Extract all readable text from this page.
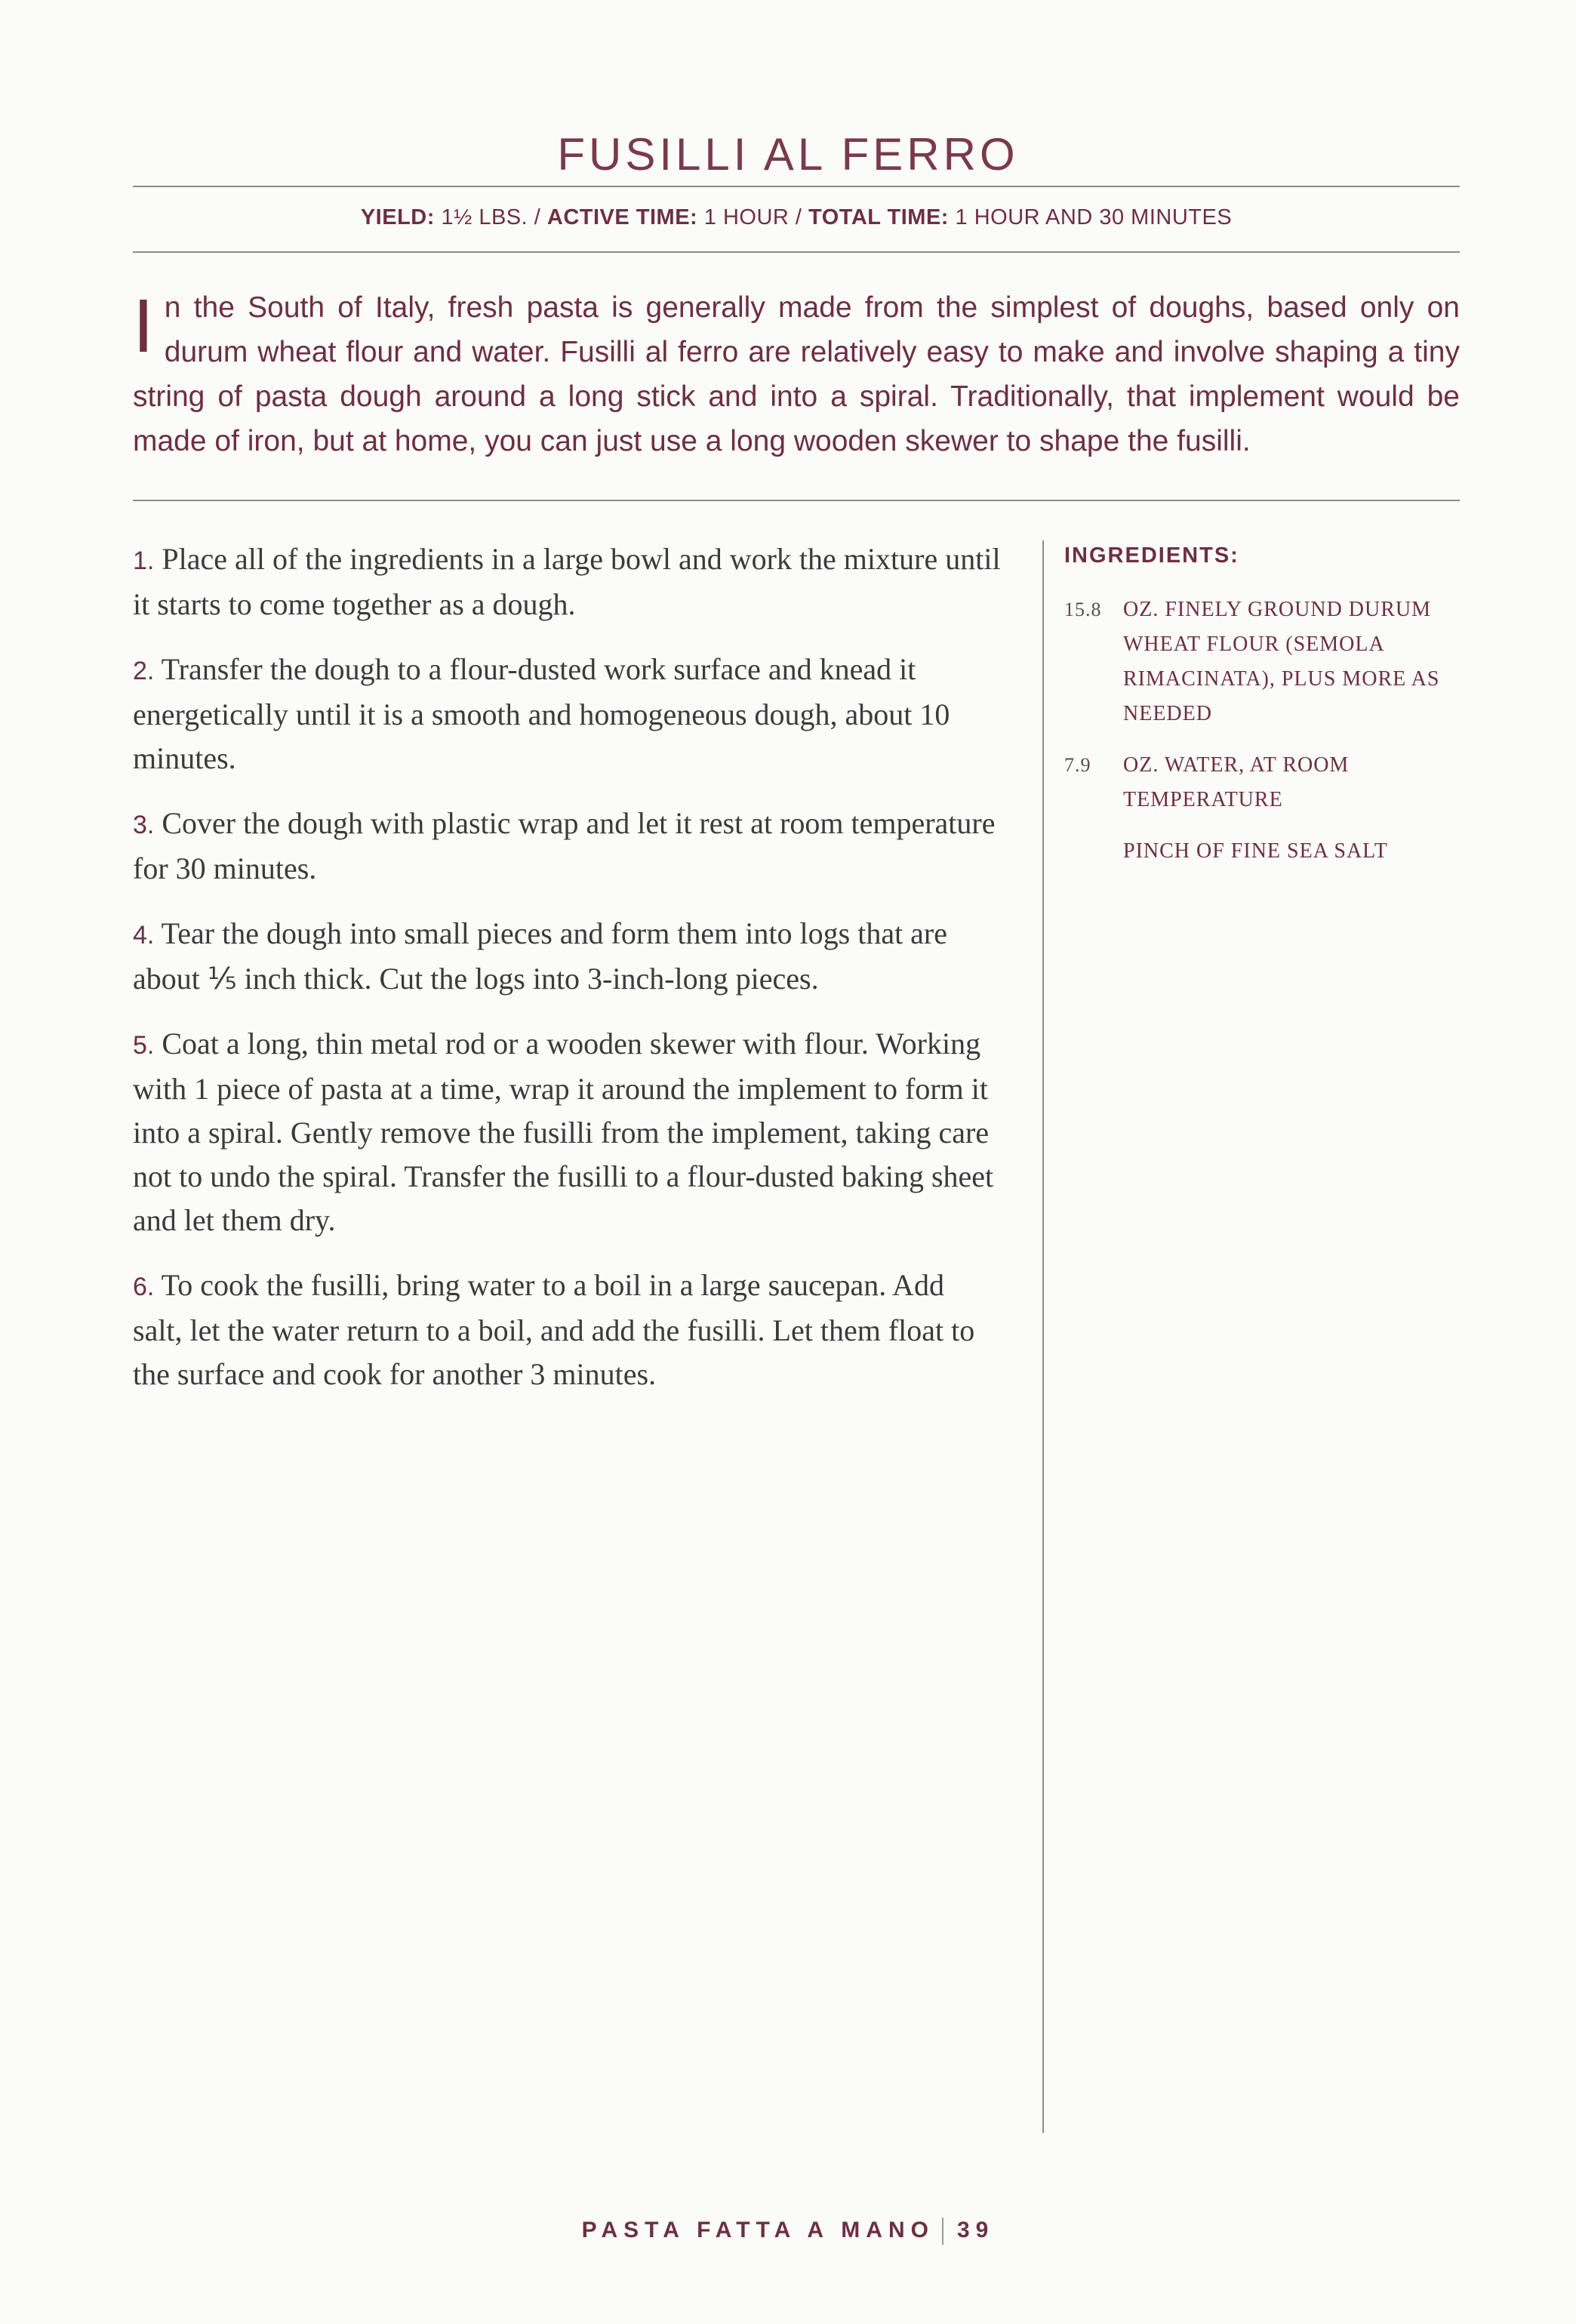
FUSILLI AL FERRO
YIELD: 1½ LBS. / ACTIVE TIME: 1 HOUR / TOTAL TIME: 1 HOUR AND 30 MINUTES
In the South of Italy, fresh pasta is generally made from the simplest of doughs, based only on durum wheat flour and water. Fusilli al ferro are relatively easy to make and involve shaping a tiny string of pasta dough around a long stick and into a spiral. Traditionally, that implement would be made of iron, but at home, you can just use a long wooden skewer to shape the fusilli.

1. Place all of the ingredients in a large bowl and work the mixture until it starts to come together as a dough.

2. Transfer the dough to a flour-dusted work surface and knead it energetically until it is a smooth and homogeneous dough, about 10 minutes.

3. Cover the dough with plastic wrap and let it rest at room temperature for 30 minutes.

4. Tear the dough into small pieces and form them into logs that are about ⅕ inch thick. Cut the logs into 3-inch-long pieces.

5. Coat a long, thin metal rod or a wooden skewer with flour. Working with 1 piece of pasta at a time, wrap it around the implement to form it into a spiral. Gently remove the fusilli from the implement, taking care not to undo the spiral. Transfer the fusilli to a flour-dusted baking sheet and let them dry.

6. To cook the fusilli, bring water to a boil in a large saucepan. Add salt, let the water return to a boil, and add the fusilli. Let them float to the surface and cook for another 3 minutes.

INGREDIENTS:
15.8	OZ. FINELY GROUND DURUM WHEAT FLOUR (SEMOLA RIMACINATA), PLUS MORE AS NEEDED
7.9	OZ. WATER, AT ROOM TEMPERATURE
PINCH OF FINE SEA SALT
PASTA FATTA A MANO 39
